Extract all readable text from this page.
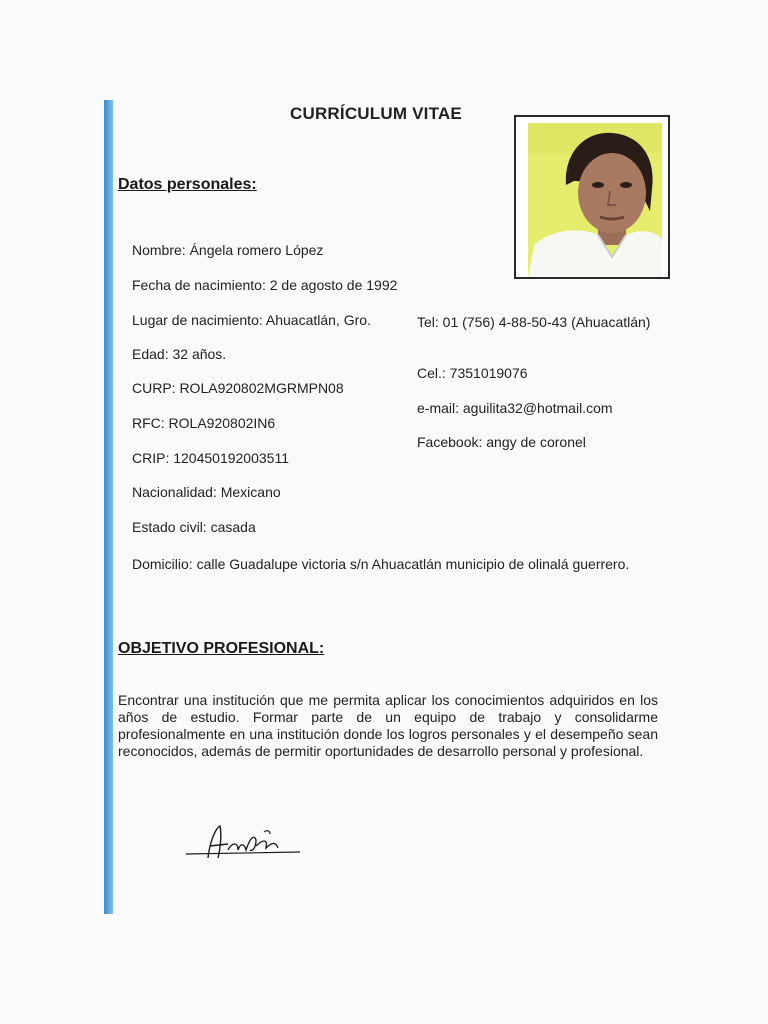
CURRÍCULUM VITAE
Datos personales:
Nombre: Ángela romero López
Fecha de nacimiento: 2 de agosto de 1992
Lugar de nacimiento: Ahuacatlán, Gro.
Edad: 32 años.
CURP: ROLA920802MGRMPN08
RFC: ROLA920802IN6
CRIP: 120450192003511
Nacionalidad: Mexicano
Estado civil: casada
Domicilio: calle Guadalupe victoria s/n Ahuacatlán municipio de olinalá guerrero.
Tel: 01 (756) 4-88-50-43 (Ahuacatlán)
Cel.: 7351019076
e-mail: aguilita32@hotmail.com
Facebook: angy de coronel
OBJETIVO PROFESIONAL:
Encontrar una institución que me permita aplicar los conocimientos adquiridos en los años de estudio. Formar parte de un equipo de trabajo y consolidarme profesionalmente en una institución donde los logros personales y el desempeño sean reconocidos, además de permitir oportunidades de desarrollo personal y profesional.
